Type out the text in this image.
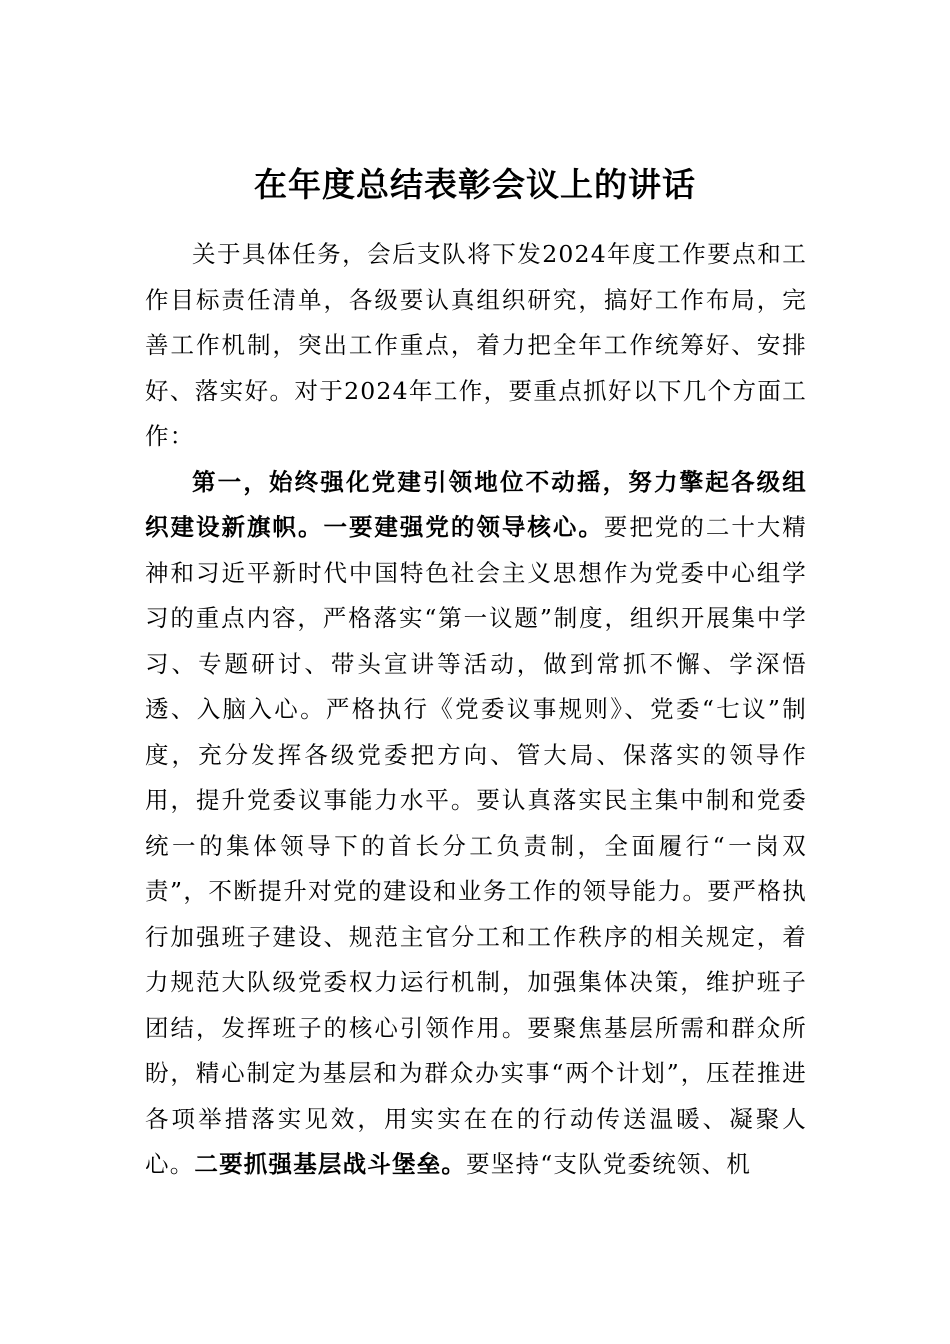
在年度总结表彰会议上的讲话

关于具体任务，会后支队将下发2024年度工作要点和工作目标责任清单，各级要认真组织研究，搞好工作布局，完善工作机制，突出工作重点，着力把全年工作统筹好、安排好、落实好。对于2024年工作，要重点抓好以下几个方面工作：

第一，始终强化党建引领地位不动摇，努力擎起各级组织建设新旗帜。一要建强党的领导核心。要把党的二十大精神和习近平新时代中国特色社会主义思想作为党委中心组学习的重点内容，严格落实“第一议题”制度，组织开展集中学习、专题研讨、带头宣讲等活动，做到常抓不懈、学深悟透、入脑入心。严格执行《党委议事规则》、党委“七议”制度，充分发挥各级党委把方向、管大局、保落实的领导作用，提升党委议事能力水平。要认真落实民主集中制和党委统一的集体领导下的首长分工负责制，全面履行“一岗双责”，不断提升对党的建设和业务工作的领导能力。要严格执行加强班子建设、规范主官分工和工作秩序的相关规定，着力规范大队级党委权力运行机制，加强集体决策，维护班子团结，发挥班子的核心引领作用。要聚焦基层所需和群众所盼，精心制定为基层和为群众办实事“两个计划”，压茬推进各项举措落实见效，用实实在在的行动传送温暖、凝聚人心。二要抓强基层战斗堡垒。要坚持“支队党委统领、机
